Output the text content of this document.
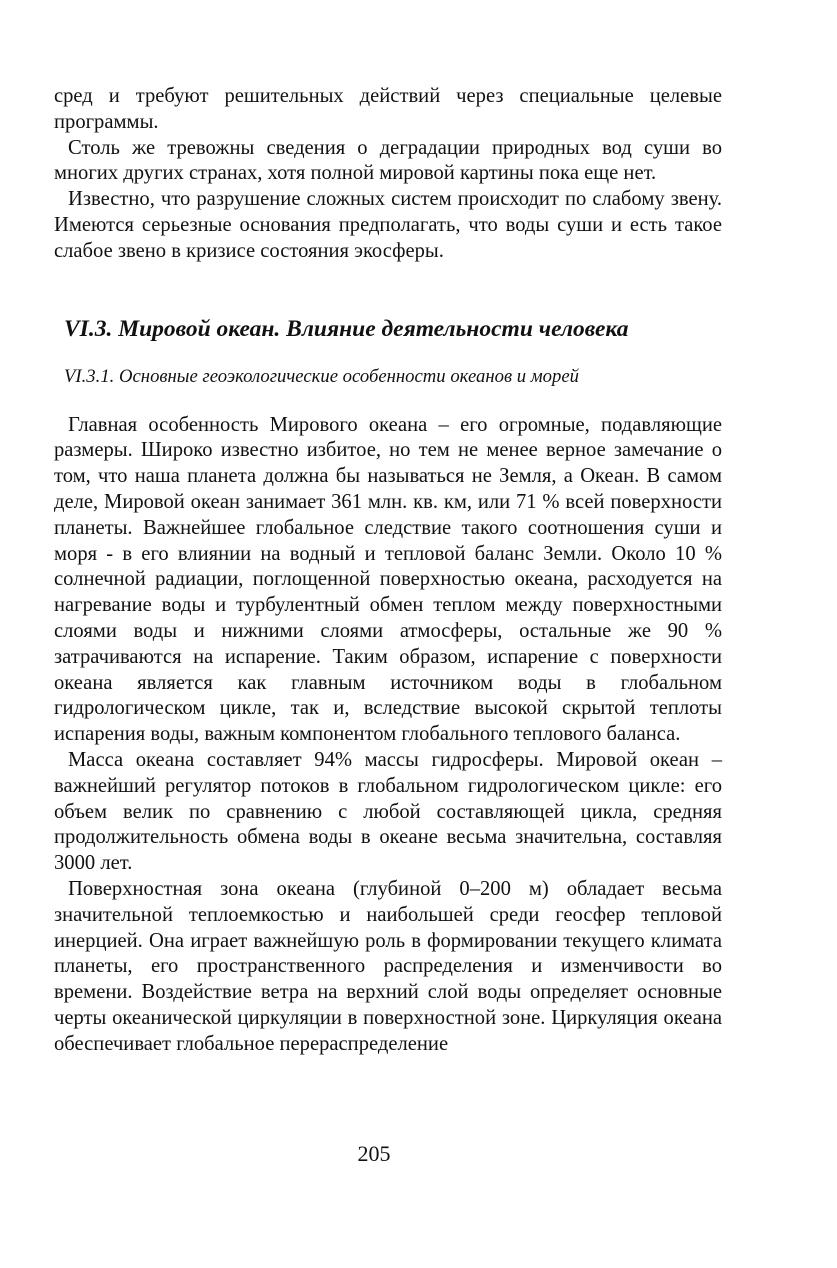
сред и требуют решительных действий через специальные целевые программы.

Столь же тревожны сведения о деградации природных вод суши во многих других странах, хотя полной мировой картины пока еще нет.

Известно, что разрушение сложных систем происходит по слабому звену. Имеются серьезные основания предполагать, что воды суши и есть такое слабое звено в кризисе состояния экосферы.

VI.3. Мировой океан. Влияние деятельности человека
VI.3.1. Основные геоэкологические особенности океанов и морей

Главная особенность Мирового океана – его огромные, подавляющие размеры. Широко известно избитое, но тем не менее верное замечание о том, что наша планета должна бы называться не Земля, а Океан. В самом деле, Мировой океан занимает 361 млн. кв. км, или 71 % всей поверхности планеты. Важнейшее глобальное следствие такого соотношения суши и моря - в его влиянии на водный и тепловой баланс Земли. Около 10 % солнечной радиации, поглощенной поверхностью океана, расходуется на нагревание воды и турбулентный обмен теплом между поверхностными слоями воды и нижними слоями атмосферы, остальные же 90 % затрачиваются на испарение. Таким образом, испарение с поверхности океана является как главным источником воды в глобальном гидрологическом цикле, так и, вследствие высокой скрытой теплоты испарения воды, важным компонентом глобального теплового баланса.

Масса океана составляет 94% массы гидросферы. Мировой океан – важнейший регулятор потоков в глобальном гидрологическом цикле: его объем велик по сравнению с любой составляющей цикла, средняя продолжительность обмена воды в океане весьма значительна, составляя 3000 лет.

Поверхностная зона океана (глубиной 0–200 м) обладает весьма значительной теплоемкостью и наибольшей среди геосфер тепловой инерцией. Она играет важнейшую роль в формировании текущего климата планеты, его пространственного распределения и изменчивости во времени. Воздействие ветра на верхний слой воды определяет основные черты океанической циркуляции в поверхностной зоне. Циркуляция океана обеспечивает глобальное перераспределение

205
